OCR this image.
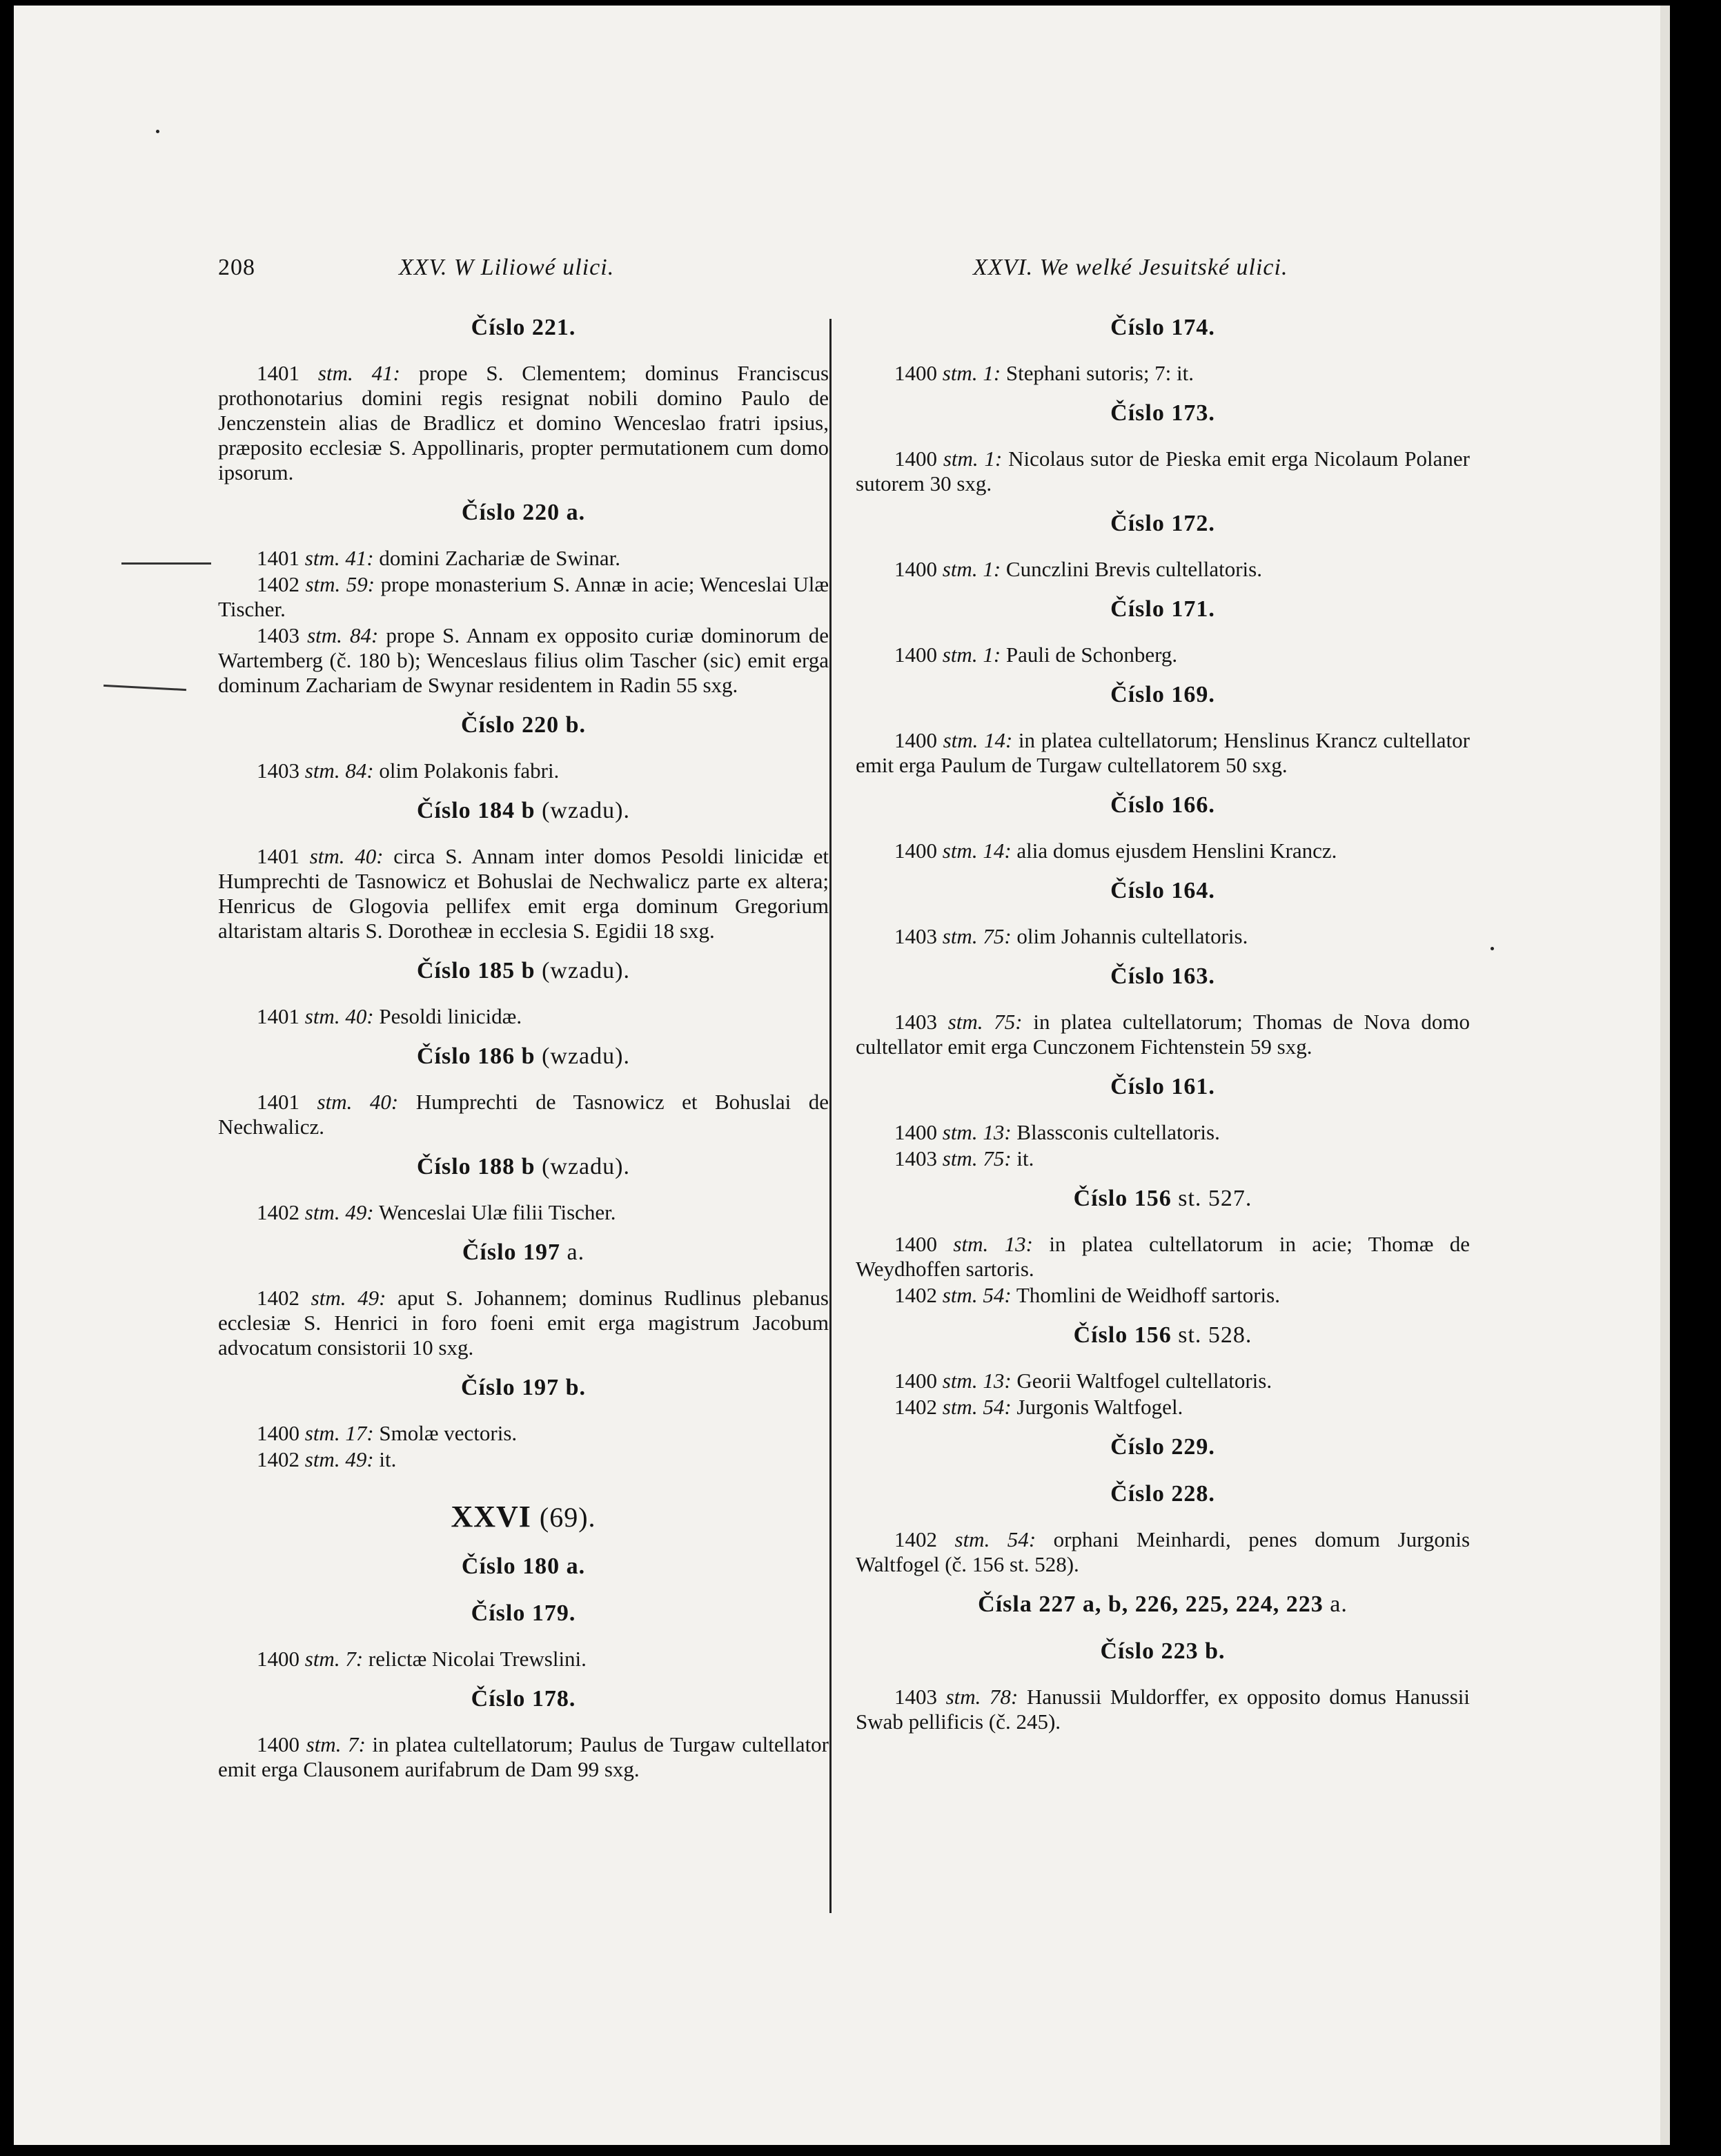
208	XXV. W Liliowé ulici.	XXVI. We welké Jesuitské ulici.
Číslo 221.
1401 stm. 41: prope S. Clementem; dominus Franciscus prothonotarius domini regis resignat nobili domino Paulo de Jenczenstein alias de Bradlicz et domino Wenceslao fratri ipsius, præposito ecclesiæ S. Appollinaris, propter permutationem cum domo ipsorum.
Číslo 220 a.
1401 stm. 41: domini Zachariæ de Swinar.
1402 stm. 59: prope monasterium S. Annæ in acie; Wenceslai Ulæ Tischer.
1403 stm. 84: prope S. Annam ex opposito curiæ dominorum de Wartemberg (č. 180 b); Wenceslaus filius olim Tascher (sic) emit erga dominum Zachariam de Swynar residentem in Radin 55 sxg.
Číslo 220 b.
1403 stm. 84: olim Polakonis fabri.
Číslo 184 b (wzadu).
1401 stm. 40: circa S. Annam inter domos Pesoldi linicidæ et Humprechti de Tasnowicz et Bohuslai de Nechwalicz parte ex altera; Henricus de Glogovia pellifex emit erga dominum Gregorium altaristam altaris S. Dorotheæ in ecclesia S. Egidii 18 sxg.
Číslo 185 b (wzadu).
1401 stm. 40: Pesoldi linicidæ.
Číslo 186 b (wzadu).
1401 stm. 40: Humprechti de Tasnowicz et Bohuslai de Nechwalicz.
Číslo 188 b (wzadu).
1402 stm. 49: Wenceslai Ulæ filii Tischer.
Číslo 197 a.
1402 stm. 49: aput S. Johannem; dominus Rudlinus plebanus ecclesiæ S. Henrici in foro foeni emit erga magistrum Jacobum advocatum consistorii 10 sxg.
Číslo 197 b.
1400 stm. 17: Smolæ vectoris.
1402 stm. 49: it.
XXVI (69).
Číslo 180 a.
Číslo 179.
1400 stm. 7: relictæ Nicolai Trewslini.
Číslo 178.
1400 stm. 7: in platea cultellatorum; Paulus de Turgaw cultellator emit erga Clausonem aurifabrum de Dam 99 sxg.
Číslo 174.
1400 stm. 1: Stephani sutoris; 7: it.
Číslo 173.
1400 stm. 1: Nicolaus sutor de Pieska emit erga Nicolaum Polaner sutorem 30 sxg.
Číslo 172.
1400 stm. 1: Cunczlini Brevis cultellatoris.
Číslo 171.
1400 stm. 1: Pauli de Schonberg.
Číslo 169.
1400 stm. 14: in platea cultellatorum; Henslinus Krancz cultellator emit erga Paulum de Turgaw cultellatorem 50 sxg.
Číslo 166.
1400 stm. 14: alia domus ejusdem Henslini Krancz.
Číslo 164.
1403 stm. 75: olim Johannis cultellatoris.
Číslo 163.
1403 stm. 75: in platea cultellatorum; Thomas de Nova domo cultellator emit erga Cunczonem Fichtenstein 59 sxg.
Číslo 161.
1400 stm. 13: Blassconis cultellatoris.
1403 stm. 75: it.
Číslo 156 st. 527.
1400 stm. 13: in platea cultellatorum in acie; Thomæ de Weydhoffen sartoris.
1402 stm. 54: Thomlini de Weidhoff sartoris.
Číslo 156 st. 528.
1400 stm. 13: Georii Waltfogel cultellatoris.
1402 stm. 54: Jurgonis Waltfogel.
Číslo 229.
Číslo 228.
1402 stm. 54: orphani Meinhardi, penes domum Jurgonis Waltfogel (č. 156 st. 528).
Čísla 227 a, b, 226, 225, 224, 223 a.
Číslo 223 b.
1403 stm. 78: Hanussii Muldorffer, ex opposito domus Hanussii Swab pellificis (č. 245).
